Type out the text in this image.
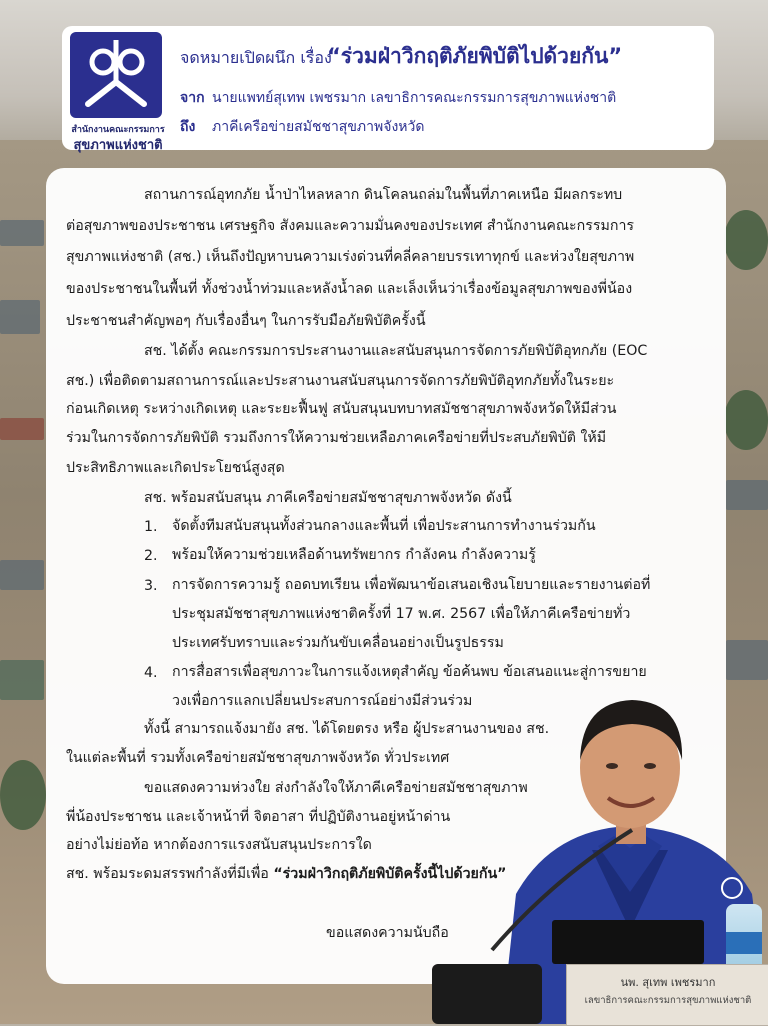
สำนักงานคณะกรรมการ
สุขภาพแห่งชาติ
จดหมายเปิดผนึก เรื่อง
“ร่วมฝ่าวิกฤติภัยพิบัติไปด้วยกัน”
จาก นายแพทย์สุเทพ เพชรมาก เลขาธิการคณะกรรมการสุขภาพแห่งชาติ
ถึง ภาคีเครือข่ายสมัชชาสุขภาพจังหวัด
สถานการณ์อุทกภัย น้ำป่าไหลหลาก ดินโคลนถล่มในพื้นที่ภาคเหนือ มีผลกระทบ
ต่อสุขภาพของประชาชน เศรษฐกิจ สังคมและความมั่นคงของประเทศ สำนักงานคณะกรรมการ
สุขภาพแห่งชาติ (สช.) เห็นถึงปัญหาบนความเร่งด่วนที่คลี่คลายบรรเทาทุกข์ และห่วงใยสุขภาพ
ของประชาชนในพื้นที่ ทั้งช่วงน้ำท่วมและหลังน้ำลด และเล็งเห็นว่าเรื่องข้อมูลสุขภาพของพี่น้อง
ประชาชนสำคัญพอๆ กับเรื่องอื่นๆ ในการรับมือภัยพิบัติครั้งนี้
สช. ได้ตั้ง คณะกรรมการประสานงานและสนับสนุนการจัดการภัยพิบัติอุทกภัย (EOC
สช.) เพื่อติดตามสถานการณ์และประสานงานสนับสนุนการจัดการภัยพิบัติอุทกภัยทั้งในระยะ
ก่อนเกิดเหตุ ระหว่างเกิดเหตุ และระยะฟื้นฟู สนับสนุนบทบาทสมัชชาสุขภาพจังหวัดให้มีส่วน
ร่วมในการจัดการภัยพิบัติ รวมถึงการให้ความช่วยเหลือภาคเครือข่ายที่ประสบภัยพิบัติ ให้มี
ประสิทธิภาพและเกิดประโยชน์สูงสุด
สช. พร้อมสนับสนุน ภาคีเครือข่ายสมัชชาสุขภาพจังหวัด ดังนี้
1. จัดตั้งทีมสนับสนุนทั้งส่วนกลางและพื้นที่ เพื่อประสานการทำงานร่วมกัน
2. พร้อมให้ความช่วยเหลือด้านทรัพยากร กำลังคน กำลังความรู้
3. การจัดการความรู้ ถอดบทเรียน เพื่อพัฒนาข้อเสนอเชิงนโยบายและรายงานต่อที่
ประชุมสมัชชาสุขภาพแห่งชาติครั้งที่ 17 พ.ศ. 2567 เพื่อให้ภาคีเครือข่ายทั่ว
ประเทศรับทราบและร่วมกันขับเคลื่อนอย่างเป็นรูปธรรม
4. การสื่อสารเพื่อสุขภาวะในการแจ้งเหตุสำคัญ ข้อค้นพบ ข้อเสนอแนะสู่การขยาย
วงเพื่อการแลกเปลี่ยนประสบการณ์อย่างมีส่วนร่วม
นพ. สุเทพ เพชรมาก
เลขาธิการคณะกรรมการสุขภาพแห่งชาติ
ทั้งนี้ สามารถแจ้งมายัง สช. ได้โดยตรง หรือ ผู้ประสานงานของ สช.
ในแต่ละพื้นที่ รวมทั้งเครือข่ายสมัชชาสุขภาพจังหวัด ทั่วประเทศ
ขอแสดงความห่วงใย ส่งกำลังใจให้ภาคีเครือข่ายสมัชชาสุขภาพ
พี่น้องประชาชน และเจ้าหน้าที่ จิตอาสา ที่ปฏิบัติงานอยู่หน้าด่าน
อย่างไม่ย่อท้อ หากต้องการแรงสนับสนุนประการใด
สช. พร้อมระดมสรรพกำลังที่มีเพื่อ “ร่วมฝ่าวิกฤติภัยพิบัติครั้งนี้ไปด้วยกัน”
ขอแสดงความนับถือ
